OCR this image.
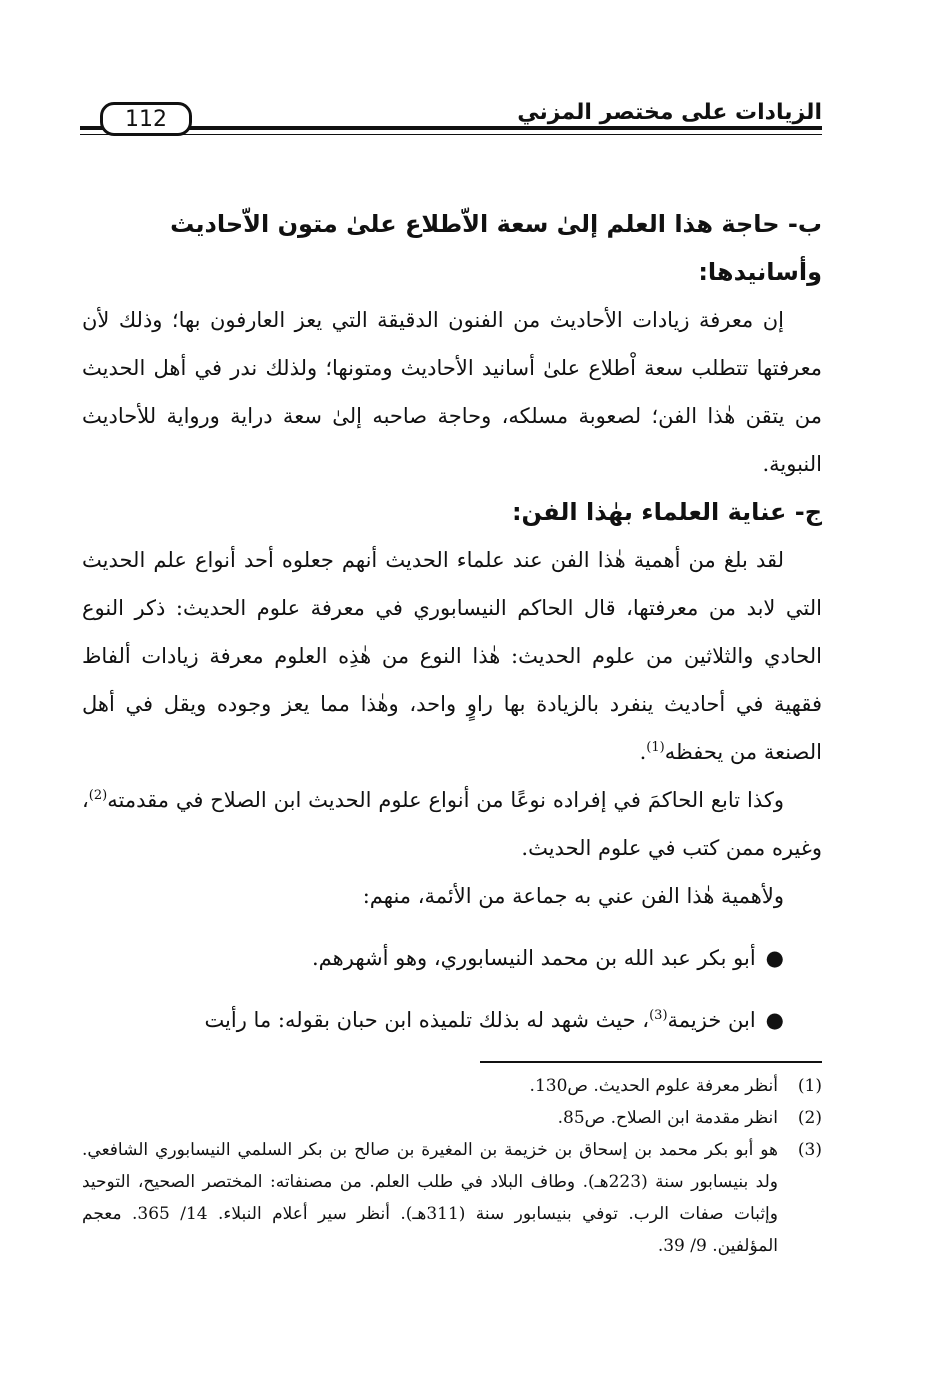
الزيادات على مختصر المزني
112

ب- حاجة هذا العلم إلىٰ سعة الاّطلاع علىٰ متون الاّحاديث وأسانيدها:

إن معرفة زيادات الأحاديث من الفنون الدقيقة التي يعز العارفون بها؛ وذلك لأن معرفتها تتطلب سعة اْطلاع علىٰ أسانيد الأحاديث ومتونها؛ ولذلك ندر في أهل الحديث من يتقن هٰذا الفن؛ لصعوبة مسلكه، وحاجة صاحبه إلىٰ سعة دراية ورواية للأحاديث النبوية.

ج- عناية العلماء بهٰذا الفن:

لقد بلغ من أهمية هٰذا الفن عند علماء الحديث أنهم جعلوه أحد أنواع علم الحديث التي لابد من معرفتها، قال الحاكم النيسابوري في معرفة علوم الحديث: ذكر النوع الحادي والثلاثين من علوم الحديث: هٰذا النوع من هٰذِه العلوم معرفة زيادات ألفاظ فقهية في أحاديث ينفرد بالزيادة بها راوٍ واحد، وهٰذا مما يعز وجوده ويقل في أهل الصنعة من يحفظه$^{(1)}$.

وكذا تابع الحاكمَ في إفراده نوعًا من أنواع علوم الحديث ابن الصلاح في مقدمته$^{(2)}$، وغيره ممن كتب في علوم الحديث.

ولأهمية هٰذا الفن عني به جماعة من الأئمة، منهم:

●أبو بكر عبد الله بن محمد النيسابوري، وهو أشهرهم.

●ابن خزيمة$^{(3)}$، حيث شهد له بذلك تلميذه ابن حبان بقوله: ما رأيت

(1)
أنظر معرفة علوم الحديث. ص130.
(2)
انظر مقدمة ابن الصلاح. ص85.
(3)
هو أبو بكر محمد بن إسحاق بن خزيمة بن المغيرة بن صالح بن بكر السلمي النيسابوري الشافعي. ولد بنيسابور سنة (223هـ). وطاف البلاد في طلب العلم. من مصنفاته: المختصر الصحيح، التوحيد وإثبات صفات الرب. توفي بنيسابور سنة (311هـ). أنظر سير أعلام النبلاء. 14/ 365. معجم المؤلفين. 9/ 39.
